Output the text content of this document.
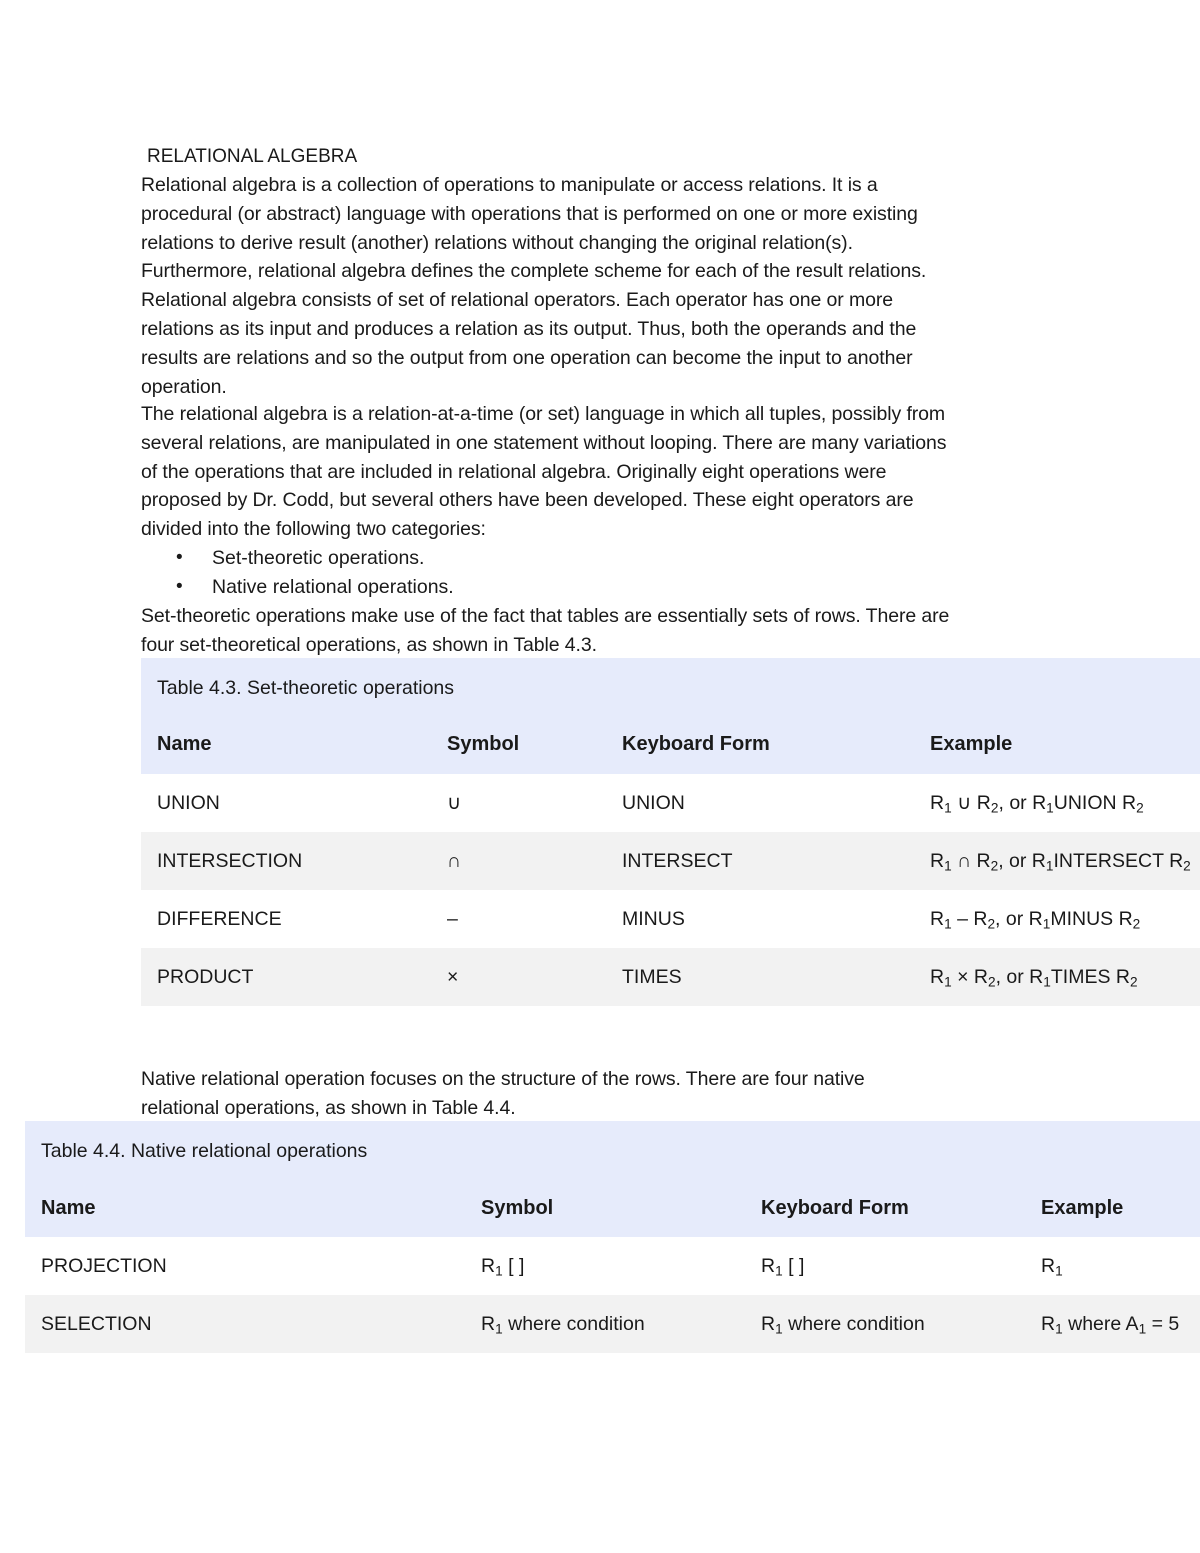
RELATIONAL ALGEBRA
Relational algebra is a collection of operations to manipulate or access relations. It is a
procedural (or abstract) language with operations that is performed on one or more existing
relations to derive result (another) relations without changing the original relation(s).
Furthermore, relational algebra defines the complete scheme for each of the result relations.
Relational algebra consists of set of relational operators. Each operator has one or more
relations as its input and produces a relation as its output. Thus, both the operands and the
results are relations and so the output from one operation can become the input to another
operation.
The relational algebra is a relation-at-a-time (or set) language in which all tuples, possibly from
several relations, are manipulated in one statement without looping. There are many variations
of the operations that are included in relational algebra. Originally eight operations were
proposed by Dr. Codd, but several others have been developed. These eight operators are
divided into the following two categories:
• Set-theoretic operations.
• Native relational operations.
Set-theoretic operations make use of the fact that tables are essentially sets of rows. There are
four set-theoretical operations, as shown in Table 4.3.
Table 4.3. Set-theoretic operations
Name	Symbol	Keyboard Form	Example
UNION	∪	UNION	$R_1$ ∪ $R_2$, or $R_1UNION$ $R_2$
INTERSECTION	∩	INTERSECT	$R_1$ ∩ $R_2$, or $R_1INTERSECT$ $R_2$
DIFFERENCE	–	MINUS	$R_1 - R_2$, or $R_1MINUS$ $R_2$
PRODUCT	×	TIMES	$R_1 \times R_2$, or $R_1TIMES$ $R_2$
Native relational operation focuses on the structure of the rows. There are four native
relational operations, as shown in Table 4.4.
Table 4.4. Native relational operations
Name	Symbol	Keyboard Form	Example
PROJECTION	$R_1$ [ ]	$R_1$ [ ]	$R_1$
SELECTION	$R_1$ where condition	$R_1$ where condition	$R_1$ where $A_1 = 5$
